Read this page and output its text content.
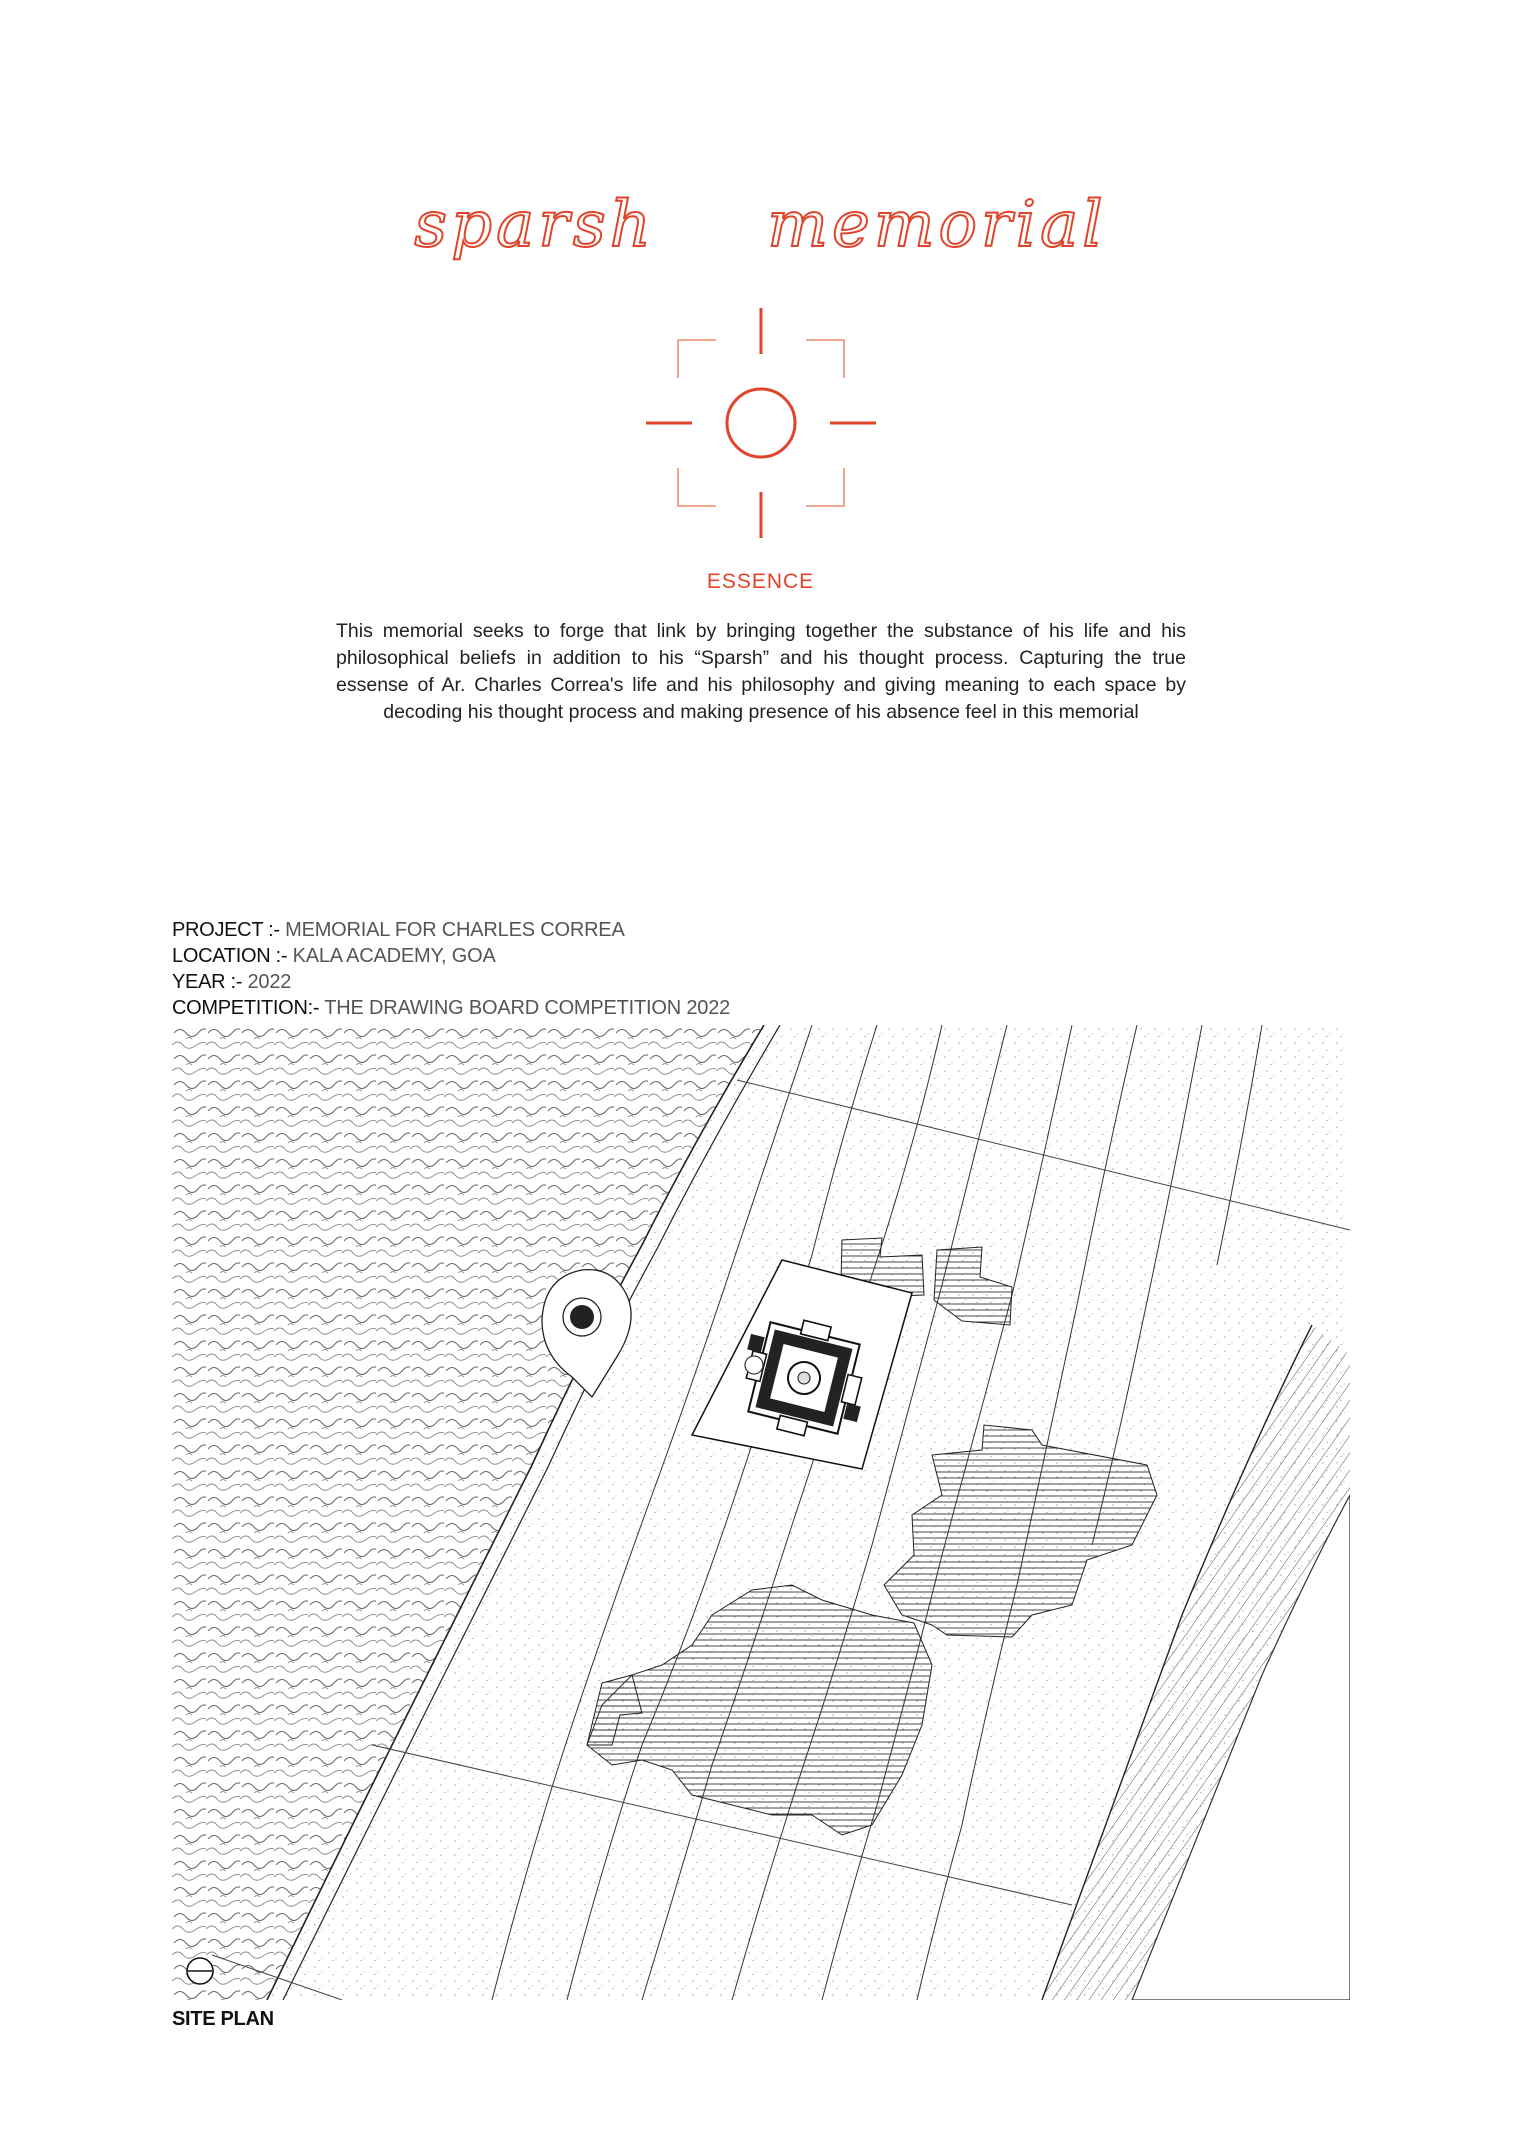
sparsh memorial
ESSENCE
This memorial seeks to forge that link by bringing together the substance of his life and his philosophical beliefs in addition to his “Sparsh” and his thought process. Capturing the true essense of Ar. Charles Correa's life and his philosophy and giving meaning to each space by decoding his thought process and making presence of his absence feel in this memorial
PROJECT :- MEMORIAL FOR CHARLES CORREA
LOCATION :- KALA ACADEMY, GOA
YEAR :- 2022
COMPETITION:- THE DRAWING BOARD COMPETITION 2022
SITE PLAN
